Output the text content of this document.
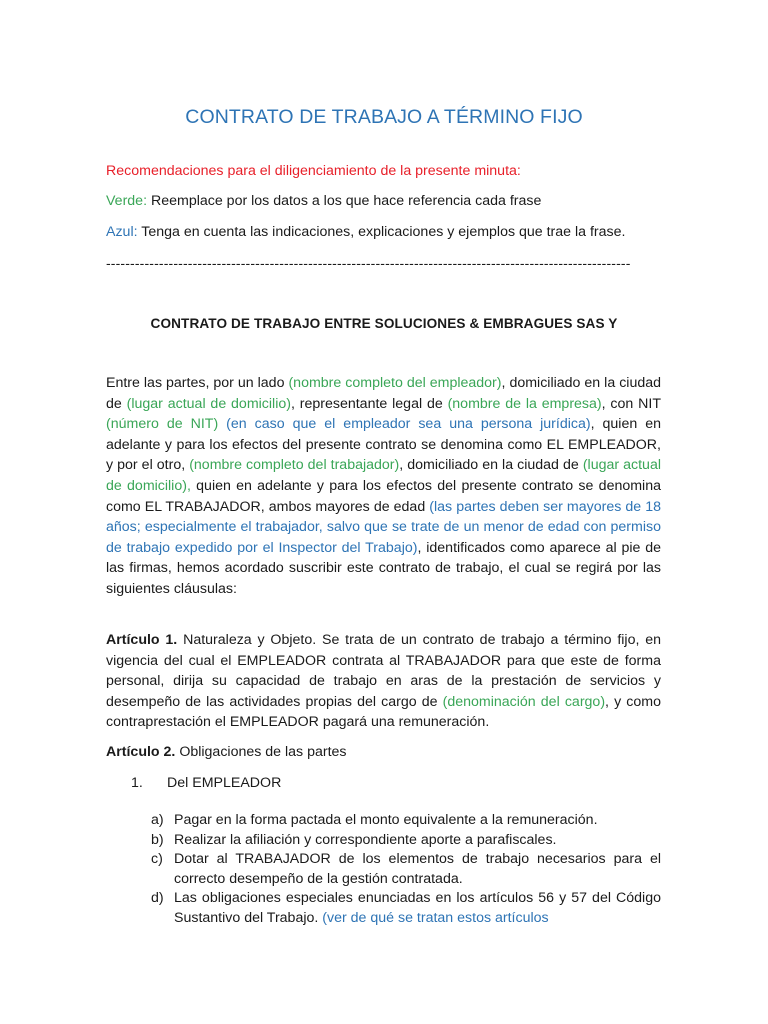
CONTRATO DE TRABAJO A TÉRMINO FIJO
Recomendaciones para el diligenciamiento de la presente minuta:
Verde: Reemplace por los datos a los que hace referencia cada frase
Azul: Tenga en cuenta las indicaciones, explicaciones y ejemplos que trae la frase.
-------------------------------------------------------------------------------------------------------------
CONTRATO DE TRABAJO ENTRE SOLUCIONES & EMBRAGUES SAS Y
Entre las partes, por un lado (nombre completo del empleador), domiciliado en la ciudad de (lugar actual de domicilio), representante legal de (nombre de la empresa), con NIT (número de NIT) (en caso que el empleador sea una persona jurídica), quien en adelante y para los efectos del presente contrato se denomina como EL EMPLEADOR, y por el otro, (nombre completo del trabajador), domiciliado en la ciudad de (lugar actual de domicilio), quien en adelante y para los efectos del presente contrato se denomina como EL TRABAJADOR, ambos mayores de edad (las partes deben ser mayores de 18 años; especialmente el trabajador, salvo que se trate de un menor de edad con permiso de trabajo expedido por el Inspector del Trabajo), identificados como aparece al pie de las firmas, hemos acordado suscribir este contrato de trabajo, el cual se regirá por las siguientes cláusulas:
Artículo 1. Naturaleza y Objeto. Se trata de un contrato de trabajo a término fijo, en vigencia del cual el EMPLEADOR contrata al TRABAJADOR para que este de forma personal, dirija su capacidad de trabajo en aras de la prestación de servicios y desempeño de las actividades propias del cargo de (denominación del cargo), y como contraprestación el EMPLEADOR pagará una remuneración.
Artículo 2. Obligaciones de las partes
1. Del EMPLEADOR
a) Pagar en la forma pactada el monto equivalente a la remuneración.
b) Realizar la afiliación y correspondiente aporte a parafiscales.
c) Dotar al TRABAJADOR de los elementos de trabajo necesarios para el correcto desempeño de la gestión contratada.
d) Las obligaciones especiales enunciadas en los artículos 56 y 57 del Código Sustantivo del Trabajo. (ver de qué se tratan estos artículos
